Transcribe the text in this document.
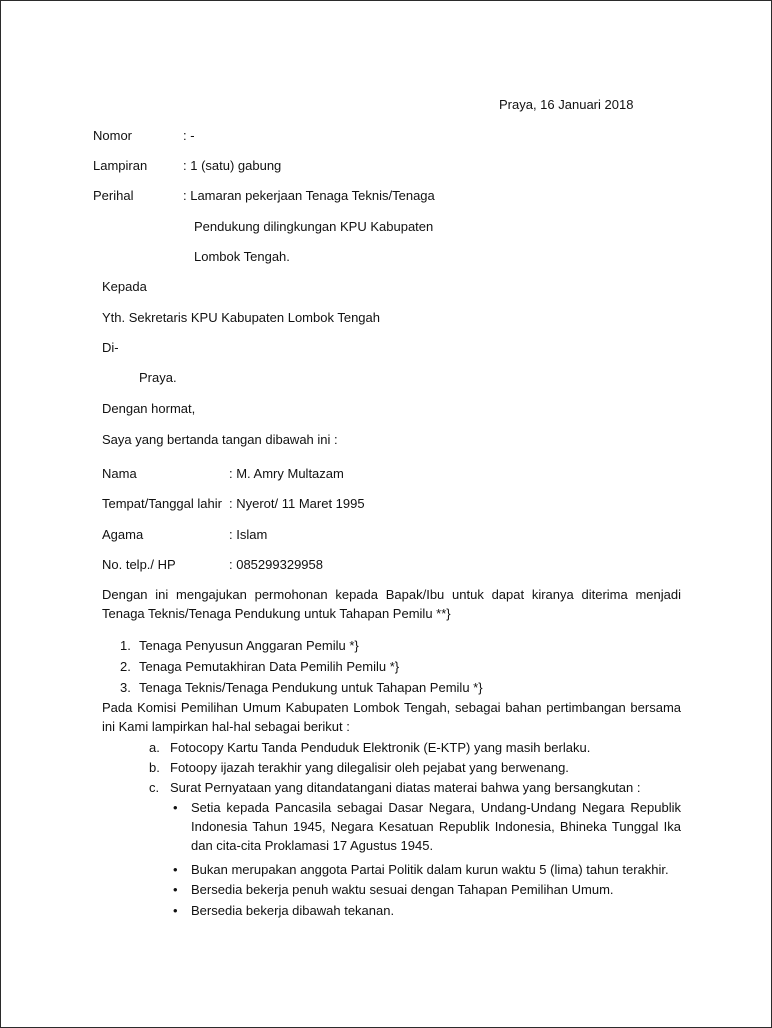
Praya, 16 Januari 2018
Nomor	: -
Lampiran	: 1 (satu) gabung
Perihal	: Lamaran pekerjaan Tenaga Teknis/Tenaga
Pendukung dilingkungan KPU Kabupaten
Lombok Tengah.
Kepada
Yth. Sekretaris KPU Kabupaten Lombok Tengah
Di-
Praya.
Dengan hormat,
Saya yang bertanda tangan dibawah ini :
Nama	: M. Amry Multazam
Tempat/Tanggal lahir : Nyerot/ 11 Maret 1995
Agama	: Islam
No. telp./ HP	: 085299329958
Dengan ini mengajukan permohonan kepada Bapak/Ibu untuk dapat kiranya diterima menjadi Tenaga Teknis/Tenaga Pendukung untuk Tahapan Pemilu **}
1. Tenaga Penyusun Anggaran Pemilu *}
2. Tenaga Pemutakhiran Data Pemilih Pemilu *}
3. Tenaga Teknis/Tenaga Pendukung untuk Tahapan Pemilu *}
Pada Komisi Pemilihan Umum Kabupaten Lombok Tengah, sebagai bahan pertimbangan bersama ini Kami lampirkan hal-hal sebagai berikut :
a. Fotocopy Kartu Tanda Penduduk Elektronik (E-KTP) yang masih berlaku.
b. Fotoopy ijazah terakhir yang dilegalisir oleh pejabat yang berwenang.
c. Surat Pernyataan yang ditandatangani diatas materai bahwa yang bersangkutan :
• Setia kepada Pancasila sebagai Dasar Negara, Undang-Undang Negara Republik Indonesia Tahun 1945, Negara Kesatuan Republik Indonesia, Bhineka Tunggal Ika dan cita-cita Proklamasi 17 Agustus 1945.
• Bukan merupakan anggota Partai Politik dalam kurun waktu 5 (lima) tahun terakhir.
• Bersedia bekerja penuh waktu sesuai dengan Tahapan Pemilihan Umum.
• Bersedia bekerja dibawah tekanan.
